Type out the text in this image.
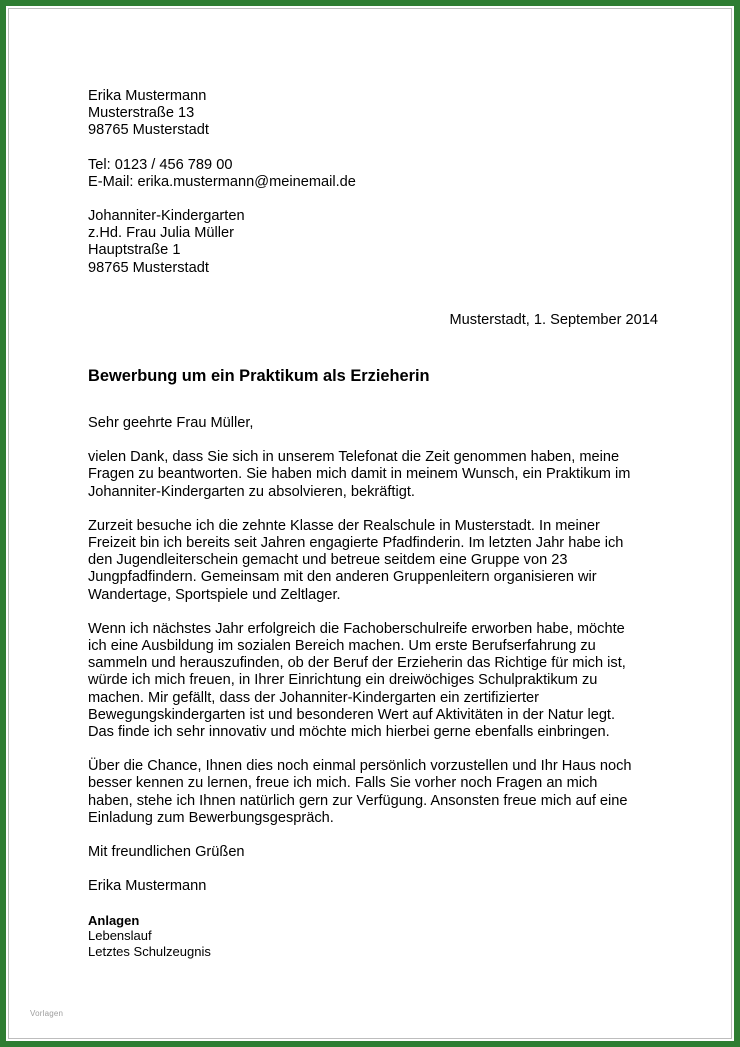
Erika Mustermann
Musterstraße 13
98765 Musterstadt
Tel: 0123 / 456 789 00
E-Mail: erika.mustermann@meinemail.de
Johanniter-Kindergarten
z.Hd. Frau Julia Müller
Hauptstraße 1
98765 Musterstadt
Musterstadt, 1. September 2014
Bewerbung um ein Praktikum als Erzieherin
Sehr geehrte Frau Müller,
vielen Dank, dass Sie sich in unserem Telefonat die Zeit genommen haben, meine
Fragen zu beantworten. Sie haben mich damit in meinem Wunsch, ein Praktikum im
Johanniter-Kindergarten zu absolvieren, bekräftigt.
Zurzeit besuche ich die zehnte Klasse der Realschule in Musterstadt. In meiner
Freizeit bin ich bereits seit Jahren engagierte Pfadfinderin. Im letzten Jahr habe ich
den Jugendleiterschein gemacht und betreue seitdem eine Gruppe von 23
Jungpfadfindern. Gemeinsam mit den anderen Gruppenleitern organisieren wir
Wandertage, Sportspiele und Zeltlager.
Wenn ich nächstes Jahr erfolgreich die Fachoberschulreife erworben habe, möchte
ich eine Ausbildung im sozialen Bereich machen. Um erste Berufserfahrung zu
sammeln und herauszufinden, ob der Beruf der Erzieherin das Richtige für mich ist,
würde ich mich freuen, in Ihrer Einrichtung ein dreiwöchiges Schulpraktikum zu
machen. Mir gefällt, dass der Johanniter-Kindergarten ein zertifizierter
Bewegungskindergarten ist und besonderen Wert auf Aktivitäten in der Natur legt.
Das finde ich sehr innovativ und möchte mich hierbei gerne ebenfalls einbringen.
Über die Chance, Ihnen dies noch einmal persönlich vorzustellen und Ihr Haus noch
besser kennen zu lernen, freue ich mich. Falls Sie vorher noch Fragen an mich
haben, stehe ich Ihnen natürlich gern zur Verfügung. Ansonsten freue mich auf eine
Einladung zum Bewerbungsgespräch.
Mit freundlichen Grüßen
Erika Mustermann
Anlagen
Lebenslauf
Letztes Schulzeugnis
Vorlagen
